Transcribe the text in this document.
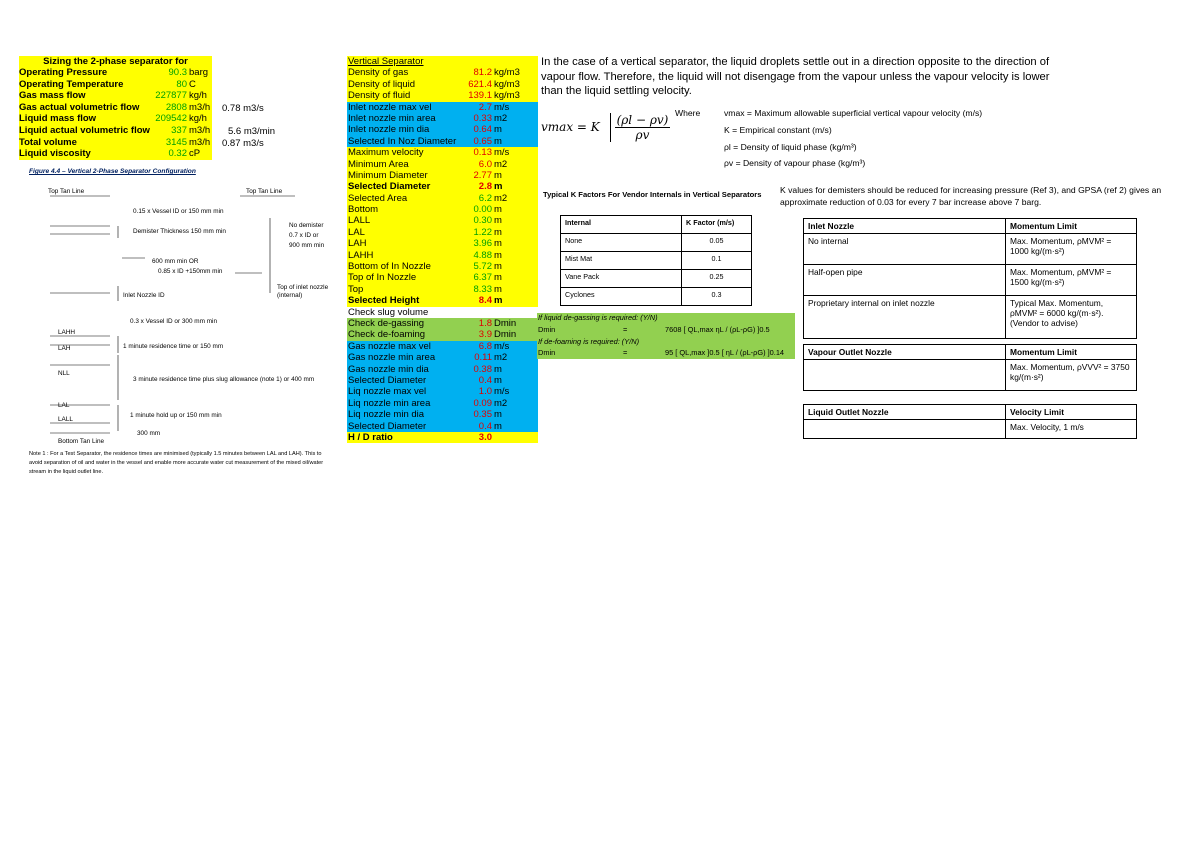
Sizing the 2-phase separator for
Operating Pressure	90.3 barg
Operating Temperature	80 C
Gas mass flow	227877 kg/h
Gas actual volumetric flow	2808 m3/h
Liquid mass flow	209542 kg/h
Liquid actual volumetric flow 337 m3/h
Total volume	3145 m3/h
Liquid viscosity	0.32 cP
0.78 m3/s
5.6 m3/min
0.87 m3/s
Figure 4.4 – Vertical 2-Phase Separator Configuration
Top Tan Line	Top Tan Line
0.15 x Vessel ID or 150 mm min
Demister Thickness 150 mm min
No demister
0.7 x ID or
900 mm min
600 mm min OR
0.85 x ID +150mm min
Top of inlet nozzle
(internal)
Inlet Nozzle ID
0.3 x Vessel ID or 300 mm min
LAHH
LAH	1 minute residence time or 150 mm
NLL
3 minute residence time plus slug allowance (note 1) or 400 mm
LAL
LALL
1 minute hold up or 150 mm min
300 mm
Bottom Tan Line
Note 1 : For a Test Separator, the residence times are minimised (typically 1.5 minutes between LAL and LAH). This to avoid separation of oil and water in the vessel and enable more accurate water cut measurement of the mixed oil/water stream in the liquid outlet line.
Vertical Separator
Density of gas	81.2 kg/m3
Density of liquid	621.4 kg/m3
Density of fluid	139.1 kg/m3
Inlet nozzle max vel	2.7 m/s
Inlet nozzle min area	0.33 m2
Inlet nozzle min dia	0.64 m
Selected In Noz Diameter 0.65 m
Maximum velocity	0.13 m/s
Minimum Area	6.0 m2
Minimum Diameter	2.77 m
Selected Diameter	2.8 m
Selected Area	6.2 m2
Bottom	0.00 m
LALL	0.30 m
LAL	1.22 m
LAH	3.96 m
LAHH	4.88 m
Bottom of In Nozzle	5.72 m
Top of In Nozzle	6.37 m
Top	8.33 m
Selected Height	8.4 m
Check slug volume
Check de-gassing	1.8 Dmin
Check de-foaming	3.9 Dmin
Gas nozzle max vel	6.8 m/s
Gas nozzle min area	0.11 m2
Gas nozzle min dia	0.38 m
Selected Diameter	0.4 m
Liq nozzle max vel	1.0 m/s
Liq nozzle min area	0.09 m2
Liq nozzle min dia	0.35 m
Selected Diameter	0.4 m
H / D ratio	3.0
If liquid de-gassing is required: (Y/N)
Dmin	=	7608 [ QL,max ηL / (ρL-ρG) ]0.5
If de-foaming is required: (Y/N)
Dmin	=	95 [ QL,max ]0.5 [ ηL / (ρL-ρG) ]0.14
In the case of a vertical separator, the liquid droplets settle out in a direction opposite to the direction of vapour flow. Therefore, the liquid will not disengage from the vapour unless the vapour velocity is lower than the liquid settling velocity.
vmax = K $\frac{(\rho l - \rho v)}{\rho v}$ Where	vmax = Maximum allowable superficial vertical vapour velocity (m/s)
K = Empirical constant (m/s)
ρl = Density of liquid phase (kg/m³)
ρv = Density of vapour phase (kg/m³)
Typical K Factors For Vendor Internals in Vertical Separators
Internal	K Factor (m/s)
None	0.05
Mist Mat	0.1
Vane Pack	0.25
Cyclones	0.3
K values for demisters should be reduced for increasing pressure (Ref 3), and GPSA (ref 2) gives an approximate reduction of 0.03 for every 7 bar increase above 7 barg.
Inlet Nozzle	Momentum Limit
No internal	Max. Momentum, ρMVM² = 1000 kg/(m·s²)
Half-open pipe	Max. Momentum, ρMVM² = 1500 kg/(m·s²)
Proprietary internal on inlet nozzle	Typical Max. Momentum, ρMVM² = 6000 kg/(m·s²). (Vendor to advise)
Vapour Outlet Nozzle	Momentum Limit
	Max. Momentum, ρVVV² = 3750 kg/(m·s²)
Liquid Outlet Nozzle	Velocity Limit
	Max. Velocity, 1 m/s
